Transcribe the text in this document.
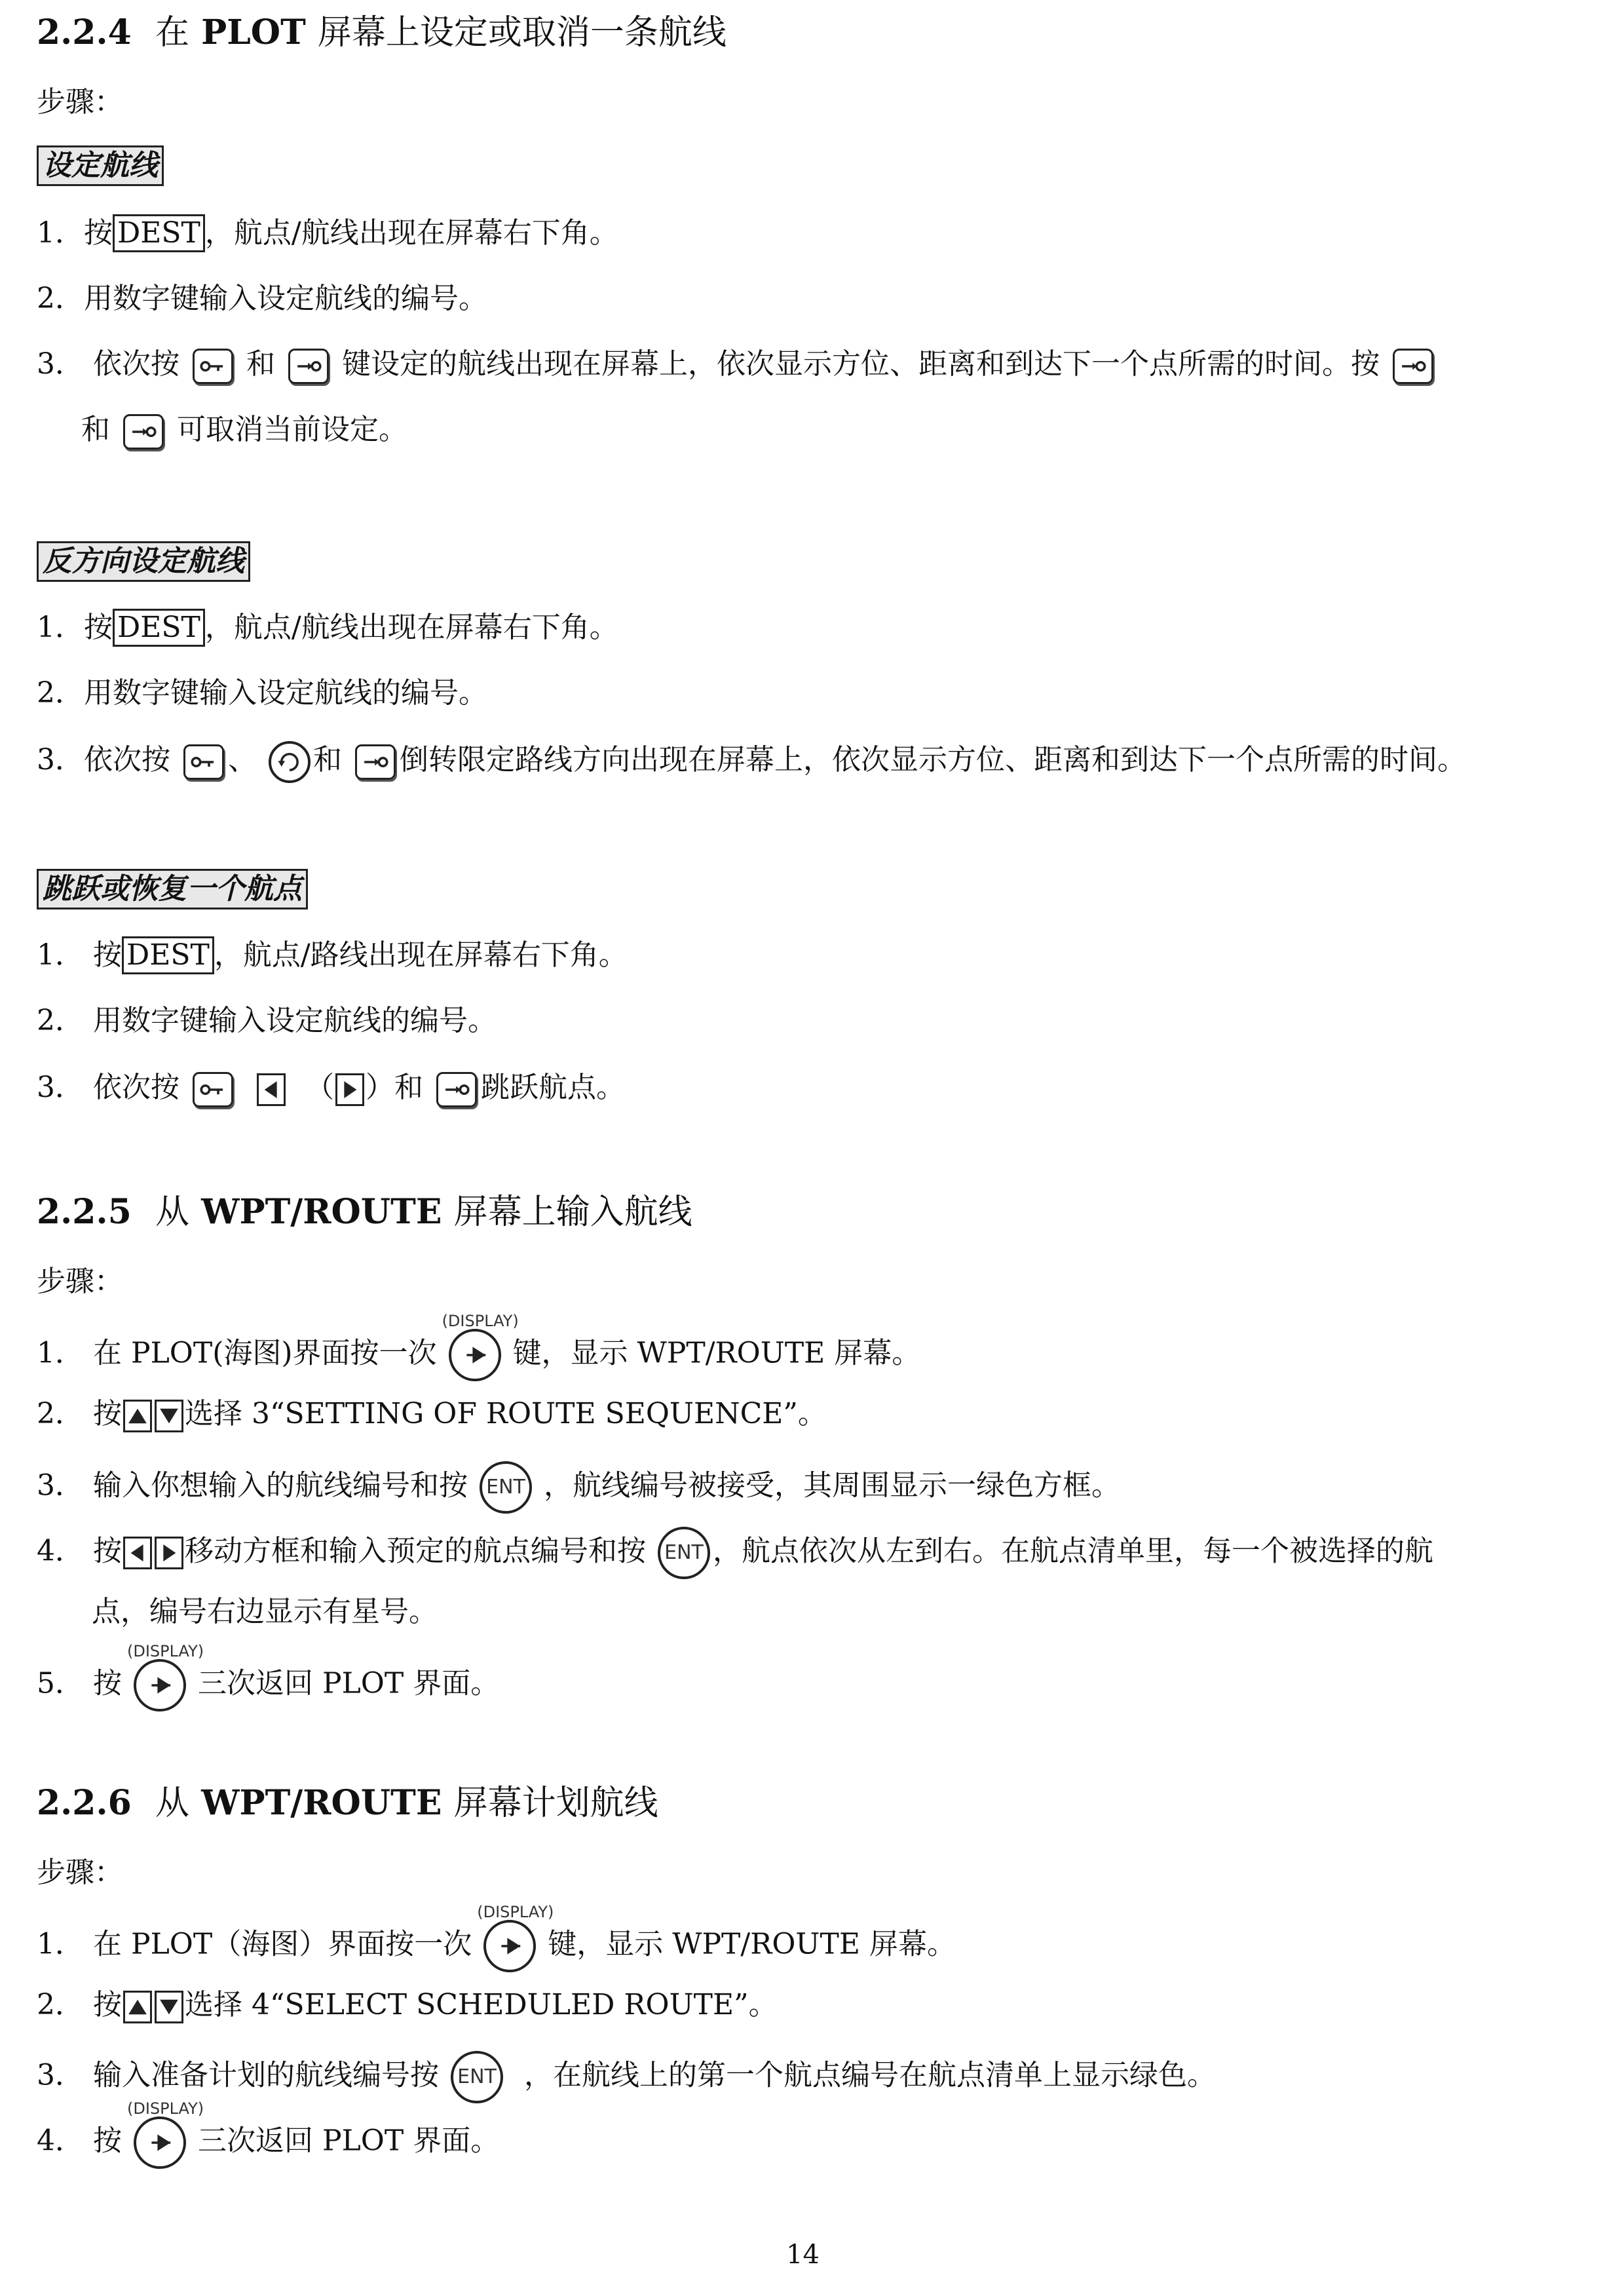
2.2.4 在 PLOT 屏幕上设定或取消一条航线
步骤：
设定航线
1．按 DEST ，航点/航线出现在屏幕右下角。
2．用数字键输入设定航线的编号。
3． 依次按 和 键设定的航线出现在屏幕上，依次显示方位、距离和到达下一个点所需的时间。按
和 可取消当前设定。
反方向设定航线
1．按 DEST ，航点/航线出现在屏幕右下角。
2．用数字键输入设定航线的编号。
3．依次按 、 和 倒转限定路线方向出现在屏幕上，依次显示方位、距离和到达下一个点所需的时间。
跳跃或恢复一个航点
1． 按 DEST ，航点/路线出现在屏幕右下角。
2． 用数字键输入设定航线的编号。
3． 依次按
	（ ）和 跳跃航点。
2.2.5 从 WPT/ROUTE 屏幕上输入航线
步骤：
1． 在 PLOT(海图)界面按一次
(DISPLAY)
键，显示 WPT/ROUTE 屏幕。
2． 按 选择 3“SETTING OF ROUTE SEQUENCE”。
3． 输入你想输入的航线编号和按 ENT ，航线编号被接受，其周围显示一绿色方框。
4． 按 移动方框和输入预定的航点编号和按 ENT ，航点依次从左到右。在航点清单里，每一个被选择的航
点，编号右边显示有星号。
5． 按
(DISPLAY)
三次返回 PLOT 界面。
2.2.6 从 WPT/ROUTE 屏幕计划航线
步骤：
1． 在 PLOT（海图）界面按一次
(DISPLAY)
键，显示 WPT/ROUTE 屏幕。
2． 按 选择 4“SELECT SCHEDULED ROUTE”。
3． 输入准备计划的航线编号按 ENT ，在航线上的第一个航点编号在航点清单上显示绿色。
4． 按
(DISPLAY)
三次返回 PLOT 界面。
14
